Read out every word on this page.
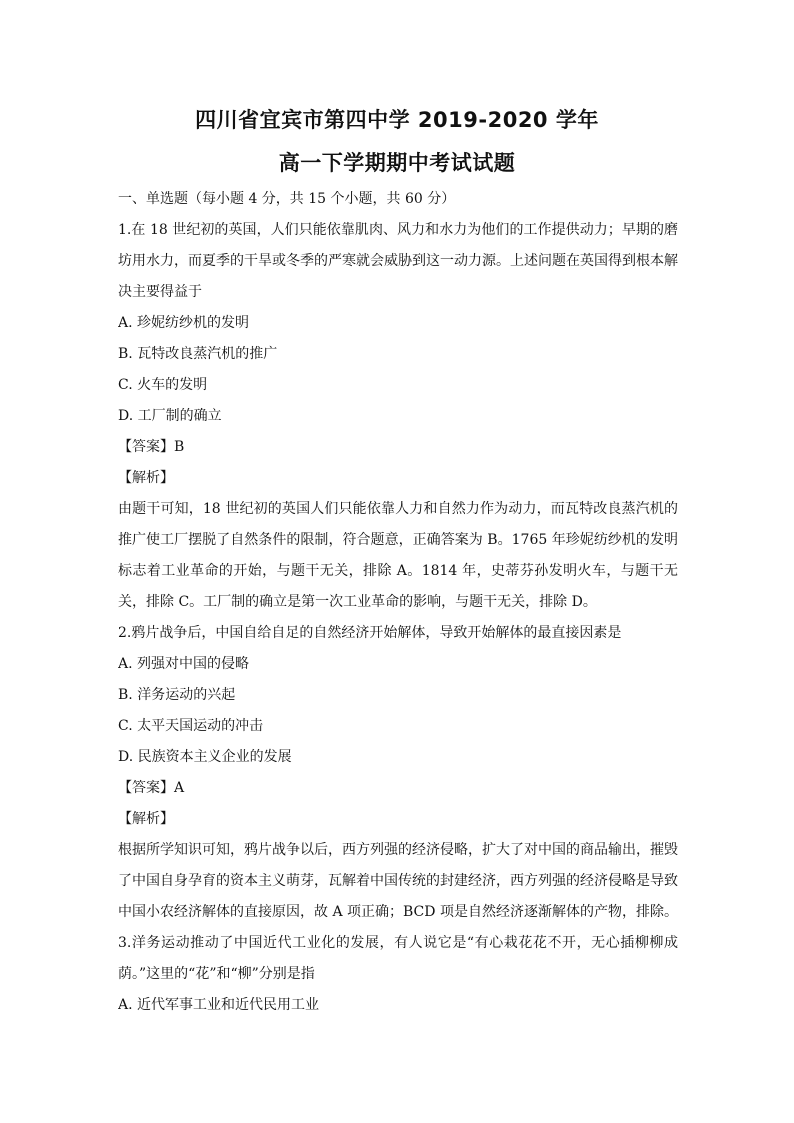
四川省宜宾市第四中学 2019-2020 学年
高一下学期期中考试试题

一、单选题（每小题 4 分，共 15 个小题，共 60 分）

1.在 18 世纪初的英国，人们只能依靠肌肉、风力和水力为他们的工作提供动力；早期的磨坊用水力，而夏季的干旱或冬季的严寒就会威胁到这一动力源。上述问题在英国得到根本解决主要得益于

A. 珍妮纺纱机的发明

B. 瓦特改良蒸汽机的推广

C. 火车的发明

D. 工厂制的确立

【答案】B

【解析】

由题干可知，18 世纪初的英国人们只能依靠人力和自然力作为动力，而瓦特改良蒸汽机的推广使工厂摆脱了自然条件的限制，符合题意，正确答案为 B。1765 年珍妮纺纱机的发明标志着工业革命的开始，与题干无关，排除 A。1814 年，史蒂芬孙发明火车，与题干无关，排除 C。工厂制的确立是第一次工业革命的影响，与题干无关，排除 D。

2.鸦片战争后，中国自给自足的自然经济开始解体，导致开始解体的最直接因素是

A. 列强对中国的侵略

B. 洋务运动的兴起

C. 太平天国运动的冲击

D. 民族资本主义企业的发展

【答案】A

【解析】

根据所学知识可知，鸦片战争以后，西方列强的经济侵略，扩大了对中国的商品输出，摧毁了中国自身孕育的资本主义萌芽，瓦解着中国传统的封建经济，西方列强的经济侵略是导致中国小农经济解体的直接原因，故 A 项正确；BCD 项是自然经济逐渐解体的产物，排除。

3.洋务运动推动了中国近代工业化的发展，有人说它是“有心栽花花不开，无心插柳柳成荫。”这里的“花”和“柳”分别是指

A. 近代军事工业和近代民用工业
